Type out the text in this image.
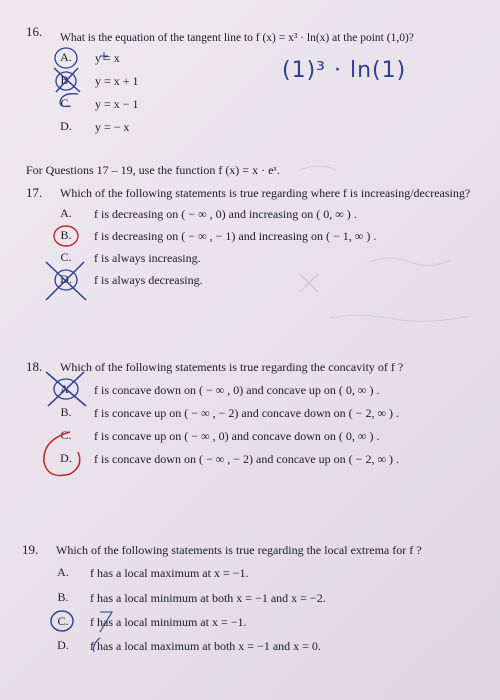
16. What is the equation of the tangent line to f (x) = x³ · ln(x) at the point (1,0)?
A. y = x
B. y = x + 1
C. y = x − 1
D. y = − x
(1)³ · ln(1)
For Questions 17 – 19, use the function f (x) = x · eˣ.
17. Which of the following statements is true regarding where f is increasing/decreasing?
A. f is decreasing on ( − ∞ , 0) and increasing on ( 0, ∞ ) .
B. f is decreasing on ( − ∞ , − 1) and increasing on ( − 1, ∞ ) .
C. f is always increasing.
D. f is always decreasing.
18. Which of the following statements is true regarding the concavity of f ?
A. f is concave down on ( − ∞ , 0) and concave up on ( 0, ∞ ) .
B. f is concave up on ( − ∞ , − 2) and concave down on ( − 2, ∞ ) .
C. f is concave up on ( − ∞ , 0) and concave down on ( 0, ∞ ) .
D. f is concave down on ( − ∞ , − 2) and concave up on ( − 2, ∞ ) .
19. Which of the following statements is true regarding the local extrema for f ?
A. f has a local maximum at x = −1.
B. f has a local minimum at both x = −1 and x = −2.
C. f has a local minimum at x = −1.
D. f has a local maximum at both x = −1 and x = 0.
